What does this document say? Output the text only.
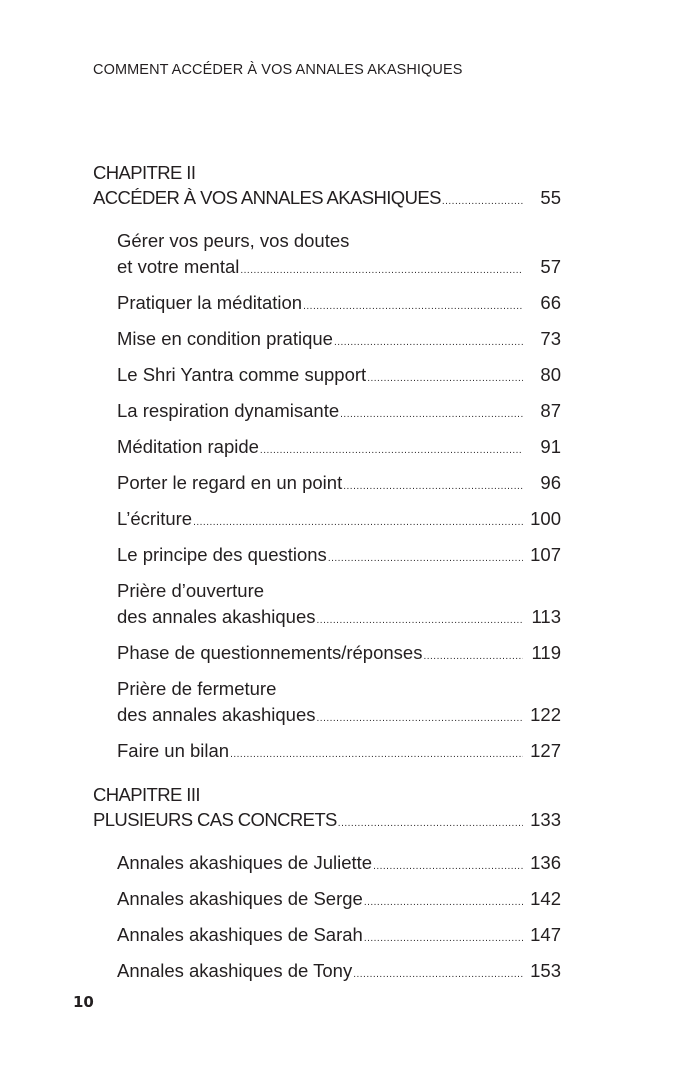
COMMENT ACCÉDER À VOS ANNALES AKASHIQUES
CHAPITRE II
ACCÉDER À VOS ANNALES AKASHIQUES .....	55
Gérer vos peurs, vos doutes
et votre mental .....	57
Pratiquer la méditation .....	66
Mise en condition pratique .....	73
Le Shri Yantra comme support .....	80
La respiration dynamisante .....	87
Méditation rapide .....	91
Porter le regard en un point .....	96
L’écriture .....	100
Le principe des questions .....	107
Prière d’ouverture
des annales akashiques .....	113
Phase de questionnements/réponses .....	119
Prière de fermeture
des annales akashiques .....	122
Faire un bilan .....	127
CHAPITRE III
PLUSIEURS CAS CONCRETS .....	133
Annales akashiques de Juliette .....	136
Annales akashiques de Serge .....	142
Annales akashiques de Sarah .....	147
Annales akashiques de Tony .....	153
10
